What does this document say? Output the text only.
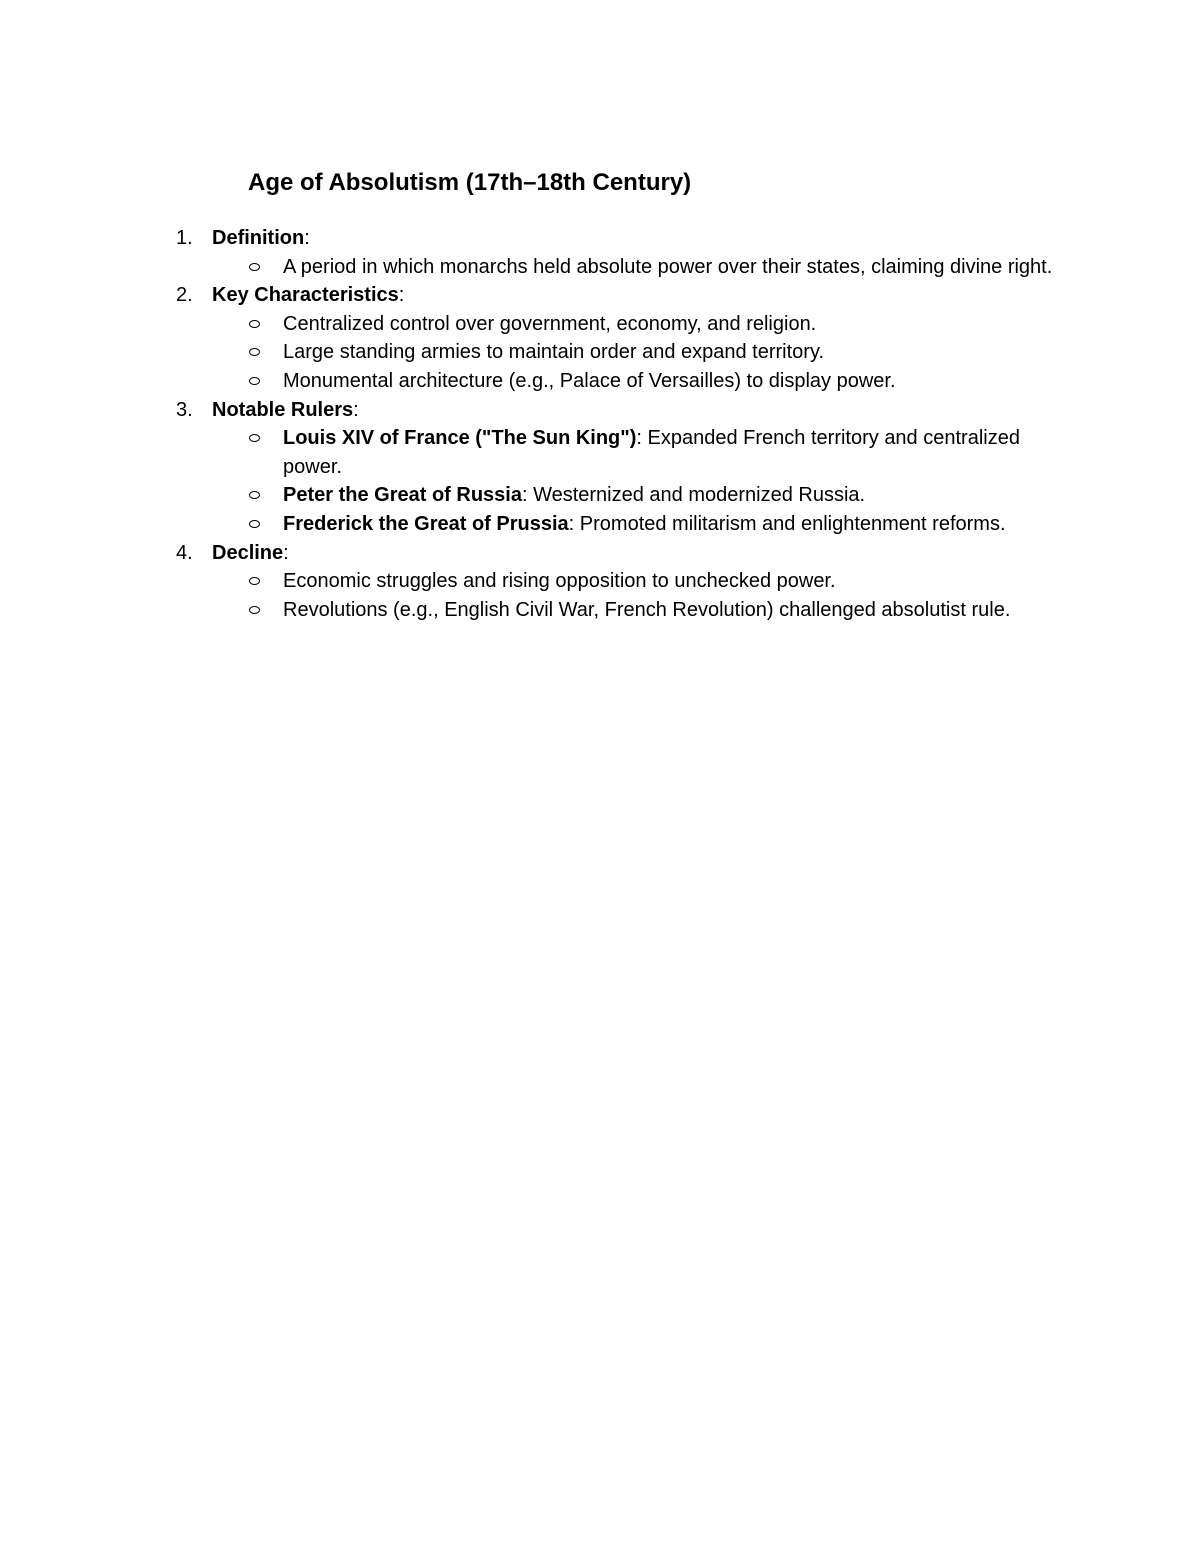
Age of Absolutism (17th–18th Century)
1. Definition:
A period in which monarchs held absolute power over their states, claiming divine right.
2. Key Characteristics:
Centralized control over government, economy, and religion.
Large standing armies to maintain order and expand territory.
Monumental architecture (e.g., Palace of Versailles) to display power.
3. Notable Rulers:
Louis XIV of France ("The Sun King"): Expanded French territory and centralized power.
Peter the Great of Russia: Westernized and modernized Russia.
Frederick the Great of Prussia: Promoted militarism and enlightenment reforms.
4. Decline:
Economic struggles and rising opposition to unchecked power.
Revolutions (e.g., English Civil War, French Revolution) challenged absolutist rule.
